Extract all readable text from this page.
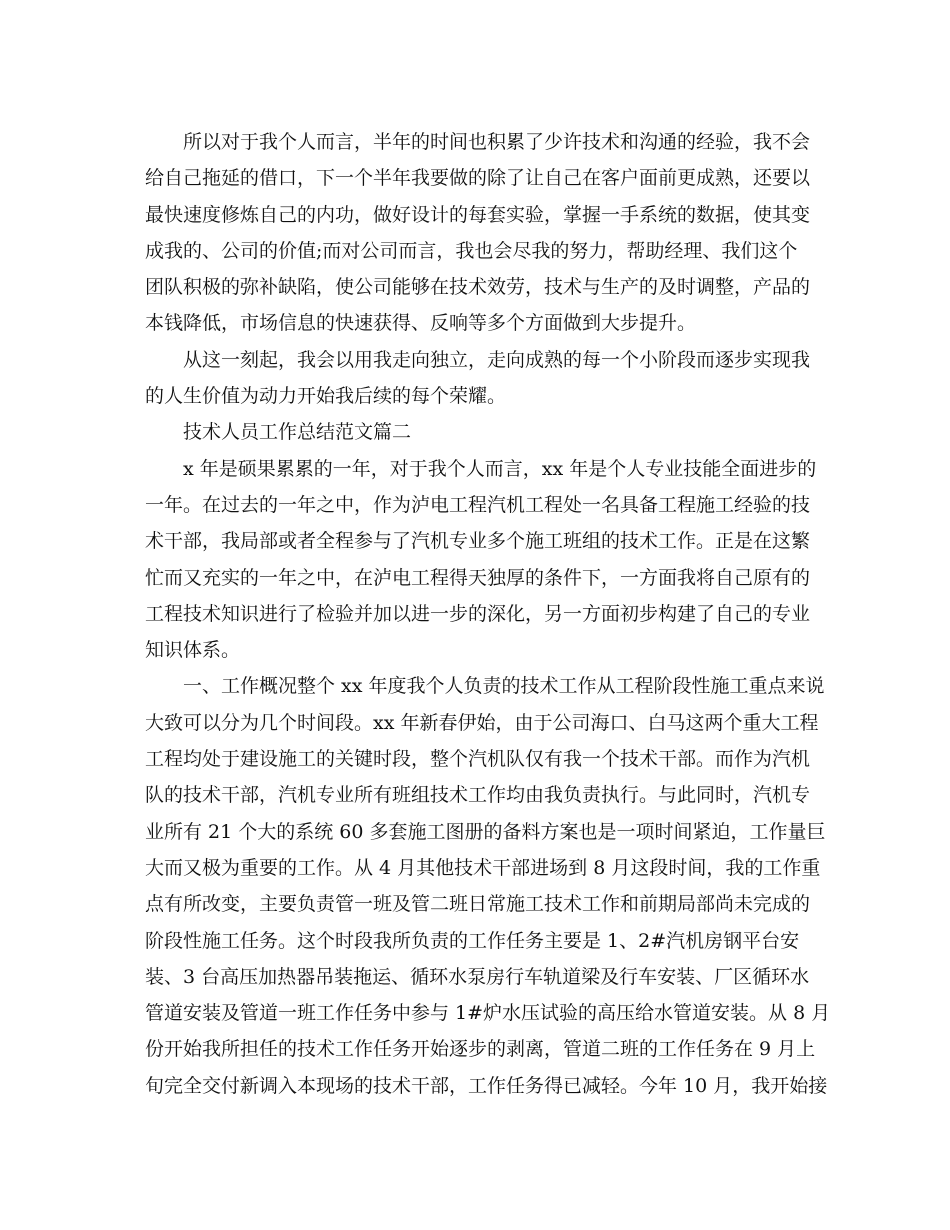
所以对于我个人而言，半年的时间也积累了少许技术和沟通的经验，我不会
给自己拖延的借口，下一个半年我要做的除了让自己在客户面前更成熟，还要以
最快速度修炼自己的内功，做好设计的每套实验，掌握一手系统的数据，使其变
成我的、公司的价值;而对公司而言，我也会尽我的努力，帮助经理、我们这个
团队积极的弥补缺陷，使公司能够在技术效劳，技术与生产的及时调整，产品的
本钱降低，市场信息的快速获得、反响等多个方面做到大步提升。
从这一刻起，我会以用我走向独立，走向成熟的每一个小阶段而逐步实现我
的人生价值为动力开始我后续的每个荣耀。
技术人员工作总结范文篇二
x 年是硕果累累的一年，对于我个人而言，xx 年是个人专业技能全面进步的
一年。在过去的一年之中，作为泸电工程汽机工程处一名具备工程施工经验的技
术干部，我局部或者全程参与了汽机专业多个施工班组的技术工作。正是在这繁
忙而又充实的一年之中，在泸电工程得天独厚的条件下，一方面我将自己原有的
工程技术知识进行了检验并加以进一步的深化，另一方面初步构建了自己的专业
知识体系。
一、工作概况整个 xx 年度我个人负责的技术工作从工程阶段性施工重点来说
大致可以分为几个时间段。xx 年新春伊始，由于公司海口、白马这两个重大工程
工程均处于建设施工的关键时段，整个汽机队仅有我一个技术干部。而作为汽机
队的技术干部，汽机专业所有班组技术工作均由我负责执行。与此同时，汽机专
业所有 21 个大的系统 60 多套施工图册的备料方案也是一项时间紧迫，工作量巨
大而又极为重要的工作。从 4 月其他技术干部进场到 8 月这段时间，我的工作重
点有所改变，主要负责管一班及管二班日常施工技术工作和前期局部尚未完成的
阶段性施工任务。这个时段我所负责的工作任务主要是 1、2#汽机房钢平台安
装、3 台高压加热器吊装拖运、循环水泵房行车轨道梁及行车安装、厂区循环水
管道安装及管道一班工作任务中参与 1#炉水压试验的高压给水管道安装。从 8 月
份开始我所担任的技术工作任务开始逐步的剥离，管道二班的工作任务在 9 月上
旬完全交付新调入本现场的技术干部，工作任务得已减轻。今年 10 月，我开始接
